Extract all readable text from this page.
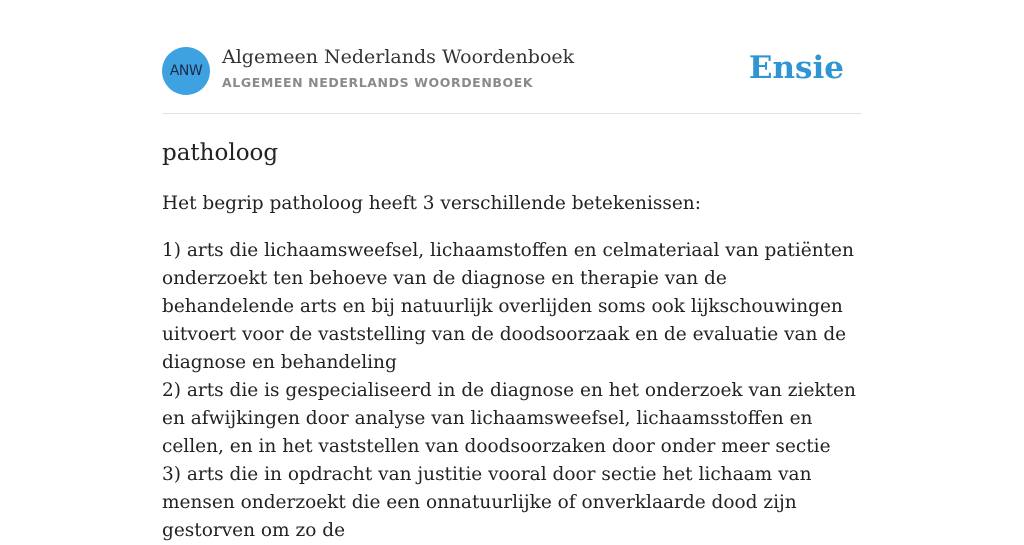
ANW
Algemeen Nederlands Woordenboek
ALGEMEEN NEDERLANDS WOORDENBOEK	Ensie
patholoog

Het begrip patholoog heeft 3 verschillende betekenissen:

1) arts die lichaamsweefsel, lichaamstoffen en celmateriaal van patiënten onderzoekt ten behoeve van de diagnose en therapie van de behandelende arts en bij natuurlijk overlijden soms ook lijkschouwingen uitvoert voor de vaststelling van de doodsoorzaak en de evaluatie van de diagnose en behandeling
2) arts die is gespecialiseerd in de diagnose en het onderzoek van ziekten en afwijkingen door analyse van lichaamsweefsel, lichaamsstoffen en cellen, en in het vaststellen van doodsoorzaken door onder meer sectie
3) arts die in opdracht van justitie vooral door sectie het lichaam van mensen onderzoekt die een onnatuurlijke of onverklaarde dood zijn gestorven om zo de
